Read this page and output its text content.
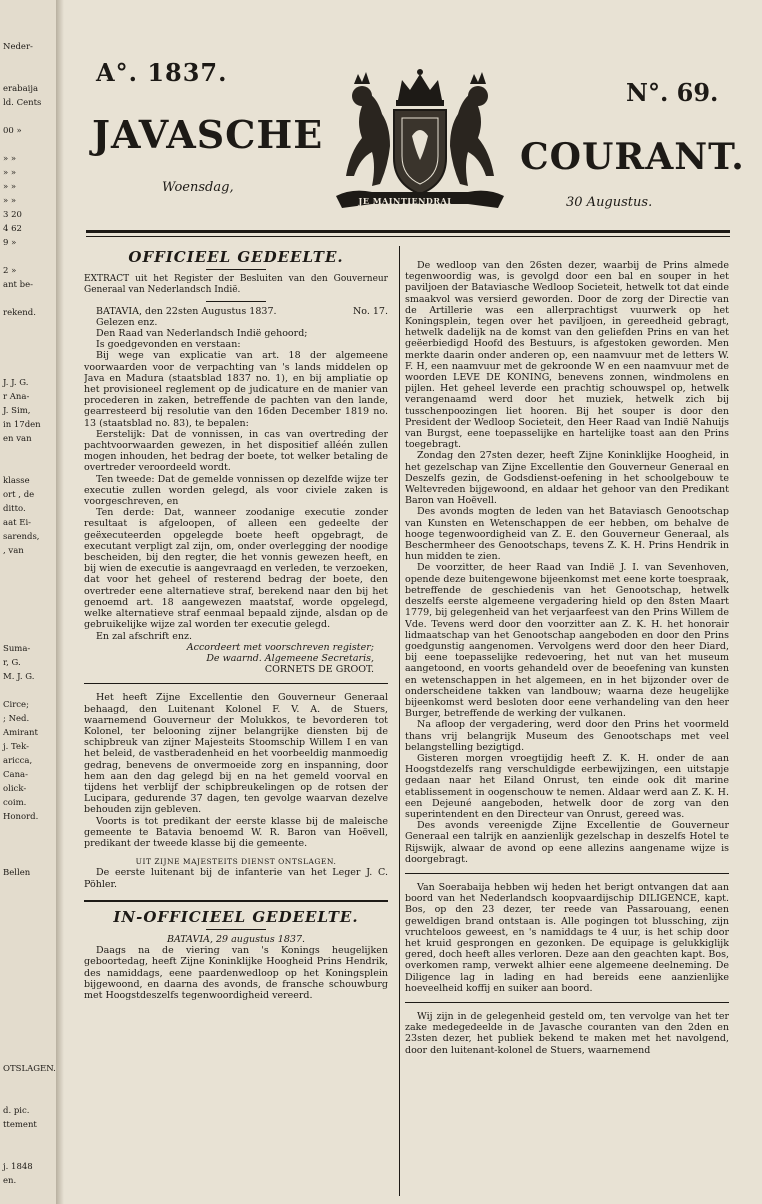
Neder-
erabaija
ld. Cents
00 »
» »
» »
» »
» »
3 20
4 62
9 »
2 »
ant be-
rekend.
J. J. G.
r Ana-
J. Sim,
in 17den
en van
klasse
ort , de
ditto.
aat Ei-
sarends,
, van
Suma-
r, G.
M. J. G.
Circe;
; Ned.
Amirant
j. Tek-
aricca,
Cana-
olick-
coim.
Honord.
Bellen
OTSLAGEN.
d. pic.
ttement
j. 1848
en.
A°. 1837.
N°. 69.
JAVASCHE	COURANT.
Woensdag,
30 Augustus.
JE MAINTIENDRAI
OFFICIEEL GEDEELTE.

EXTRACT uit het Register der Besluiten van den Gouverneur Generaal van Nederlandsch Indië.

BATAVIA, den 22sten Augustus 1837.	No. 17.

Gelezen enz.

Den Raad van Nederlandsch Indië gehoord;

Is goedgevonden en verstaan:

Bij wege van explicatie van art. 18 der algemeene voorwaarden voor de verpachting van 's lands middelen op Java en Madura (staatsblad 1837 no. 1), en bij ampliatie op het provisioneel reglement op de judicature en de manier van procederen in zaken, betreffende de pachten van den lande, gearresteerd bij resolutie van den 16den December 1819 no. 13 (staatsblad no. 83), te bepalen:

Eerstelijk: Dat de vonnissen, in cas van overtreding der pachtvoorwaarden gewezen, in het dispositief alléén zullen mogen inhouden, het bedrag der boete, tot welker betaling de overtreder veroordeeld wordt.

Ten tweede: Dat de gemelde vonnissen op dezelfde wijze ter executie zullen worden gelegd, als voor civiele zaken is voorgeschreven, en

Ten derde: Dat, wanneer zoodanige executie zonder resultaat is afgeloopen, of alleen een gedeelte der geëxecuteerden opgelegde boete heeft opgebragt, de executant verpligt zal zijn, om, onder overlegging der noodige bescheiden, bij den regter, die het vonnis gewezen heeft, en bij wien de executie is aangevraagd en verleden, te verzoeken, dat voor het geheel of resterend bedrag der boete, den overtreder eene alternatieve straf, berekend naar den bij het genoemd art. 18 aangewezen maatstaf, worde opgelegd, welke alternatieve straf eenmaal bepaald zijnde, alsdan op de gebruikelijke wijze zal worden ter executie gelegd.

En zal afschrift enz.

Accordeert met voorschreven register;

De waarnd. Algemeene Secretaris,

CORNETS DE GROOT.

Het heeft Zijne Excellentie den Gouverneur Generaal behaagd, den Luitenant Kolonel F. V. A. de Stuers, waarnemend Gouverneur der Molukkos, te bevorderen tot Kolonel, ter belooning zijner belangrijke diensten bij de schipbreuk van zijner Majesteits Stoomschip Willem I en van het beleid, de vastberadenheid en het voorbeeldig manmoedig gedrag, benevens de onvermoeide zorg en inspanning, door hem aan den dag gelegd bij en na het gemeld voorval en tijdens het verblijf der schipbreukelingen op de rotsen der Lucipara, gedurende 37 dagen, ten gevolge waarvan dezelve behouden zijn gebleven.

Voorts is tot predikant der eerste klasse bij de maleische gemeente te Batavia benoemd W. R. Baron van Hoëvell, predikant der tweede klasse bij die gemeente.

UIT ZIJNE MAJESTEITS DIENST ONTSLAGEN.

De eerste luitenant bij de infanterie van het Leger J. C. Pöhler.

IN-OFFICIEEL GEDEELTE.

BATAVIA, 29 augustus 1837.

Daags na de viering van 's Konings heugelijken geboortedag, heeft Zijne Koninklijke Hoogheid Prins Hendrik, des namiddags, eene paardenwedloop op het Koningsplein bijgewoond, en daarna des avonds, de fransche schouwburg met Hoogstdeszelfs tegenwoordigheid vereerd.

De wedloop van den 26sten dezer, waarbij de Prins almede tegenwoordig was, is gevolgd door een bal en souper in het paviljoen der Bataviasche Wedloop Societeit, hetwelk tot dat einde smaakvol was versierd geworden. Door de zorg der Directie van de Artillerie was een allerprachtigst vuurwerk op het Koningsplein, tegen over het paviljoen, in gereedheid gebragt, hetwelk dadelijk na de komst van den geliefden Prins en van het geëerbiedigd Hoofd des Bestuurs, is afgestoken geworden. Men merkte daarin onder anderen op, een naamvuur met de letters W. F. H, een naamvuur met de gekroonde W en een naamvuur met de woorden LEVE DE KONING, benevens zonnen, windmolens en pijlen. Het geheel leverde een prachtig schouwspel op, hetwelk verangenaamd werd door het muziek, hetwelk zich bij tusschenpoozingen liet hooren. Bij het souper is door den President der Wedloop Societeit, den Heer Raad van Indië Nahuijs van Burgst, eene toepasselijke en hartelijke toast aan den Prins toegebragt.

Zondag den 27sten dezer, heeft Zijne Koninklijke Hoogheid, in het gezelschap van Zijne Excellentie den Gouverneur Generaal en Deszelfs gezin, de Godsdienst-oefening in het schoolgebouw te Weltevreden bijgewoond, en aldaar het gehoor van den Predikant Baron van Hoëvell.

Des avonds mogten de leden van het Bataviasch Genootschap van Kunsten en Wetenschappen de eer hebben, om behalve de hooge tegenwoordigheid van Z. E. den Gouverneur Generaal, als Beschermheer des Genootschaps, tevens Z. K. H. Prins Hendrik in hun midden te zien.

De voorzitter, de heer Raad van Indië J. I. van Sevenhoven, opende deze buitengewone bijeenkomst met eene korte toespraak, betreffende de geschiedenis van het Genootschap, hetwelk deszelfs eerste algemeene vergadering hield op den 8sten Maart 1779, bij gelegenheid van het verjaarfeest van den Prins Willem de Vde. Tevens werd door den voorzitter aan Z. K. H. het honorair lidmaatschap van het Genootschap aangeboden en door den Prins goedgunstig aangenomen. Vervolgens werd door den heer Diard, bij eene toepasselijke redevoering, het nut van het museum aangetoond, en voorts gehandeld over de beoefening van kunsten en wetenschappen in het algemeen, en in het bijzonder over de onderscheidene takken van landbouw; waarna deze heugelijke bijeenkomst werd besloten door eene verhandeling van den heer Burger, betreffende de werking der vulkanen.

Na afloop der vergadering, werd door den Prins het voormeld thans vrij belangrijk Museum des Genootschaps met veel belangstelling bezigtigd.

Gisteren morgen vroegtijdig heeft Z. K. H. onder de aan Hoogstdezelfs rang verschuldigde eerbewijzingen, een uitstapje gedaan naar het Eiland Onrust, ten einde ook dit marine etablissement in oogenschouw te nemen. Aldaar werd aan Z. K. H. een Dejeuné aangeboden, hetwelk door de zorg van den superintendent en den Directeur van Onrust, gereed was.

Des avonds vereenigde Zijne Excellentie de Gouverneur Generaal een talrijk en aanzienlijk gezelschap in deszelfs Hotel te Rijswijk, alwaar de avond op eene allezins aangename wijze is doorgebragt.

Van Soerabaija hebben wij heden het berigt ontvangen dat aan boord van het Nederlandsch koopvaardijschip DILIGENCE, kapt. Bos, op den 23 dezer, ter reede van Passarouang, eenen geweldigen brand ontstaan is. Alle pogingen tot blussching, zijn vruchteloos geweest, en 's namiddags te 4 uur, is het schip door het kruid gesprongen en gezonken. De equipage is gelukkiglijk gered, doch heeft alles verloren. Deze aan den geachten kapt. Bos, overkomen ramp, verwekt alhier eene algemeene deelneming. De Diligence lag in lading en had bereids eene aanzienlijke hoeveelheid koffij en suiker aan boord.

Wij zijn in de gelegenheid gesteld om, ten vervolge van het ter zake medegedeelde in de Javasche couranten van den 2den en 23sten dezer, het publiek bekend te maken met het navolgend, door den luitenant-kolonel de Stuers, waarnemend
